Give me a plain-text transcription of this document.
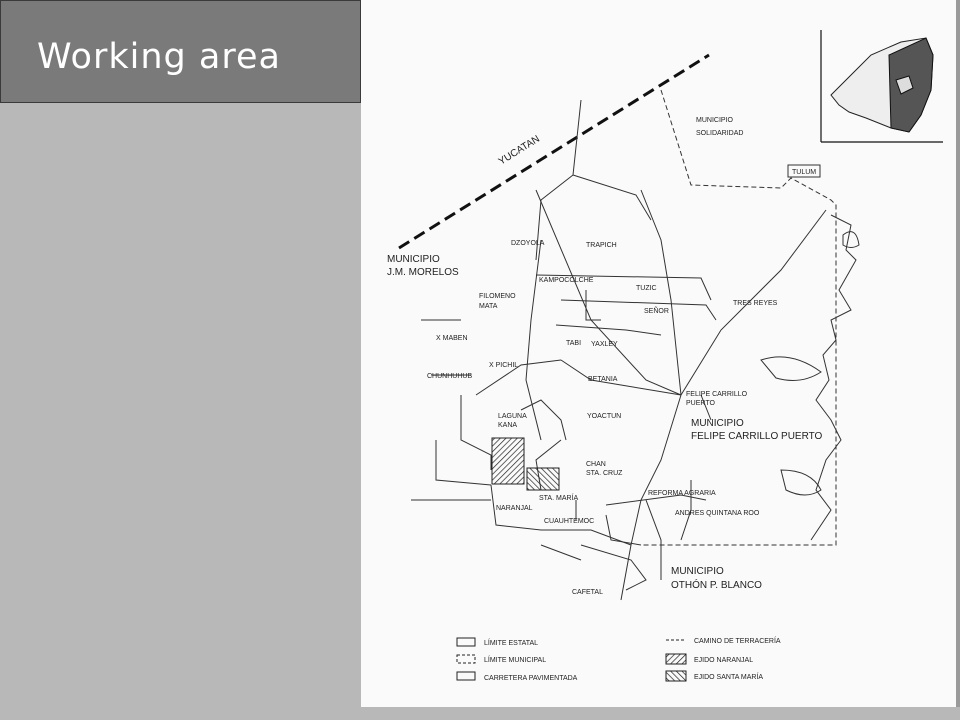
Working area
YUCATAN
MUNICIPIO
SOLIDARIDAD
TULUM
MUNICIPIO
J.M. MORELOS
MUNICIPIO
FELIPE CARRILLO PUERTO
MUNICIPIO
OTHÓN P. BLANCO
DZOYOLA	TRAPICH
KAMPOCOLCHE
TUZIC
FILOMENO
MATA
SEÑOR
TRES REYES
X MABEN
TABI YAXLEY
X PICHIL
CHUNHUHUB	BETANIA
FELIPE CARRILLO
PUERTO
LAGUNA
KANA
YOACTUN
CHAN
STA. CRUZ
STA. MARÍA
REFORMA AGRARIA
NARANJAL
ANDRES QUINTANA ROO
CUAUHTEMOC
CAFETAL
LÍMITE ESTATAL
LÍMITE MUNICIPAL
CARRETERA PAVIMENTADA
CAMINO DE TERRACERÍA
EJIDO NARANJAL
EJIDO SANTA MARÍA
